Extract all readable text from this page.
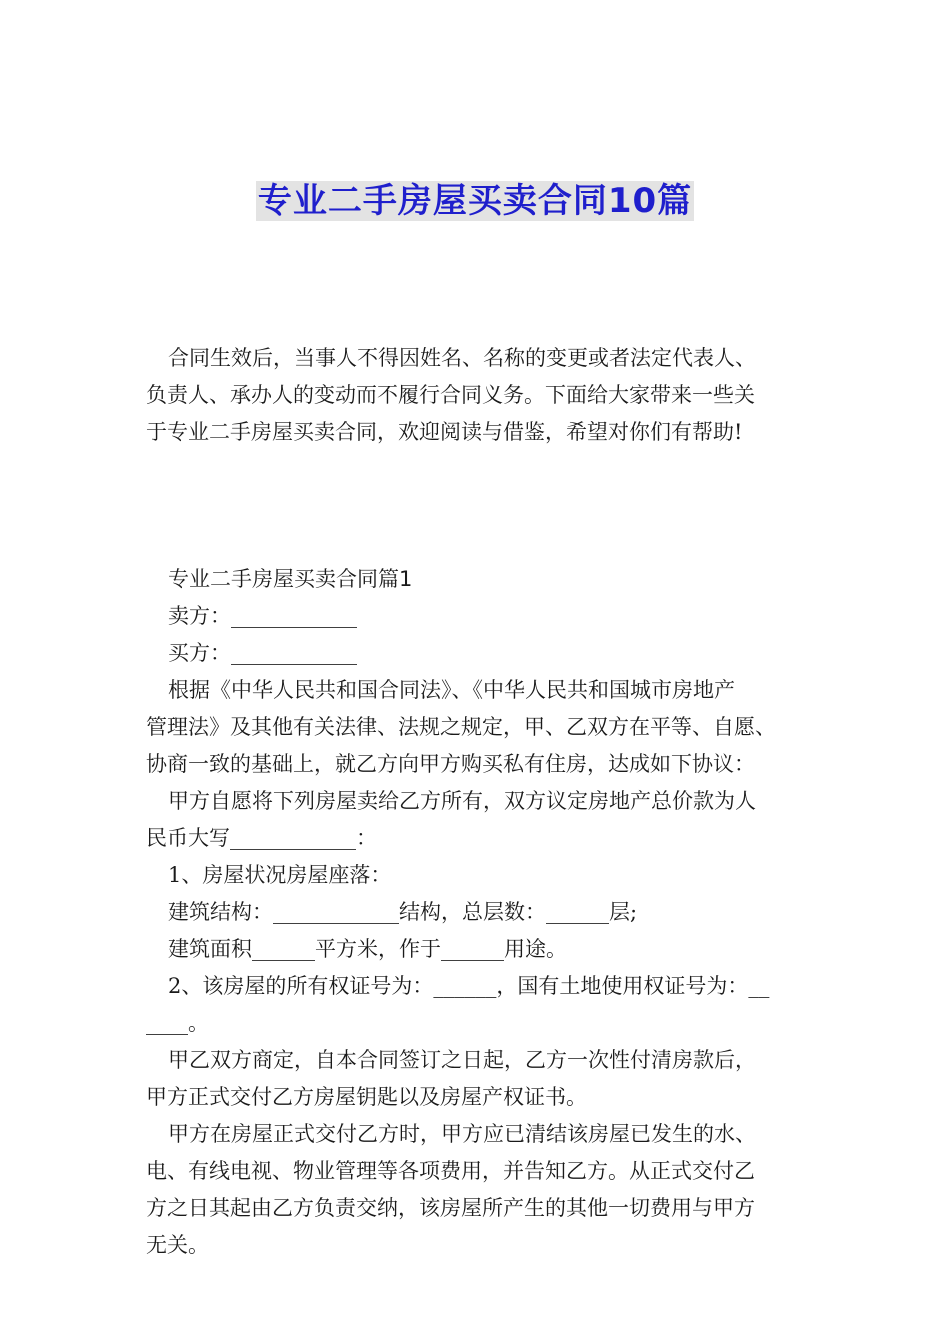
专业二手房屋买卖合同10篇

合同生效后，当事人不得因姓名、名称的变更或者法定代表人、
负责人、承办人的变动而不履行合同义务。下面给大家带来一些关
于专业二手房屋买卖合同，欢迎阅读与借鉴，希望对你们有帮助!

专业二手房屋买卖合同篇1
卖方：____________
买方：____________
根据《中华人民共和国合同法》、《中华人民共和国城市房地产
管理法》及其他有关法律、法规之规定，甲、乙双方在平等、自愿、
协商一致的基础上，就乙方向甲方购买私有住房，达成如下协议：
甲方自愿将下列房屋卖给乙方所有，双方议定房地产总价款为人
民币大写____________：
1、房屋状况房屋座落：
建筑结构：____________结构，总层数：______层;
建筑面积______平方米，作于______用途。
2、该房屋的所有权证号为：______，国有土地使用权证号为：__
____。
甲乙双方商定，自本合同签订之日起，乙方一次性付清房款后，
甲方正式交付乙方房屋钥匙以及房屋产权证书。
甲方在房屋正式交付乙方时，甲方应已清结该房屋已发生的水、
电、有线电视、物业管理等各项费用，并告知乙方。从正式交付乙
方之日其起由乙方负责交纳，该房屋所产生的其他一切费用与甲方
无关。
